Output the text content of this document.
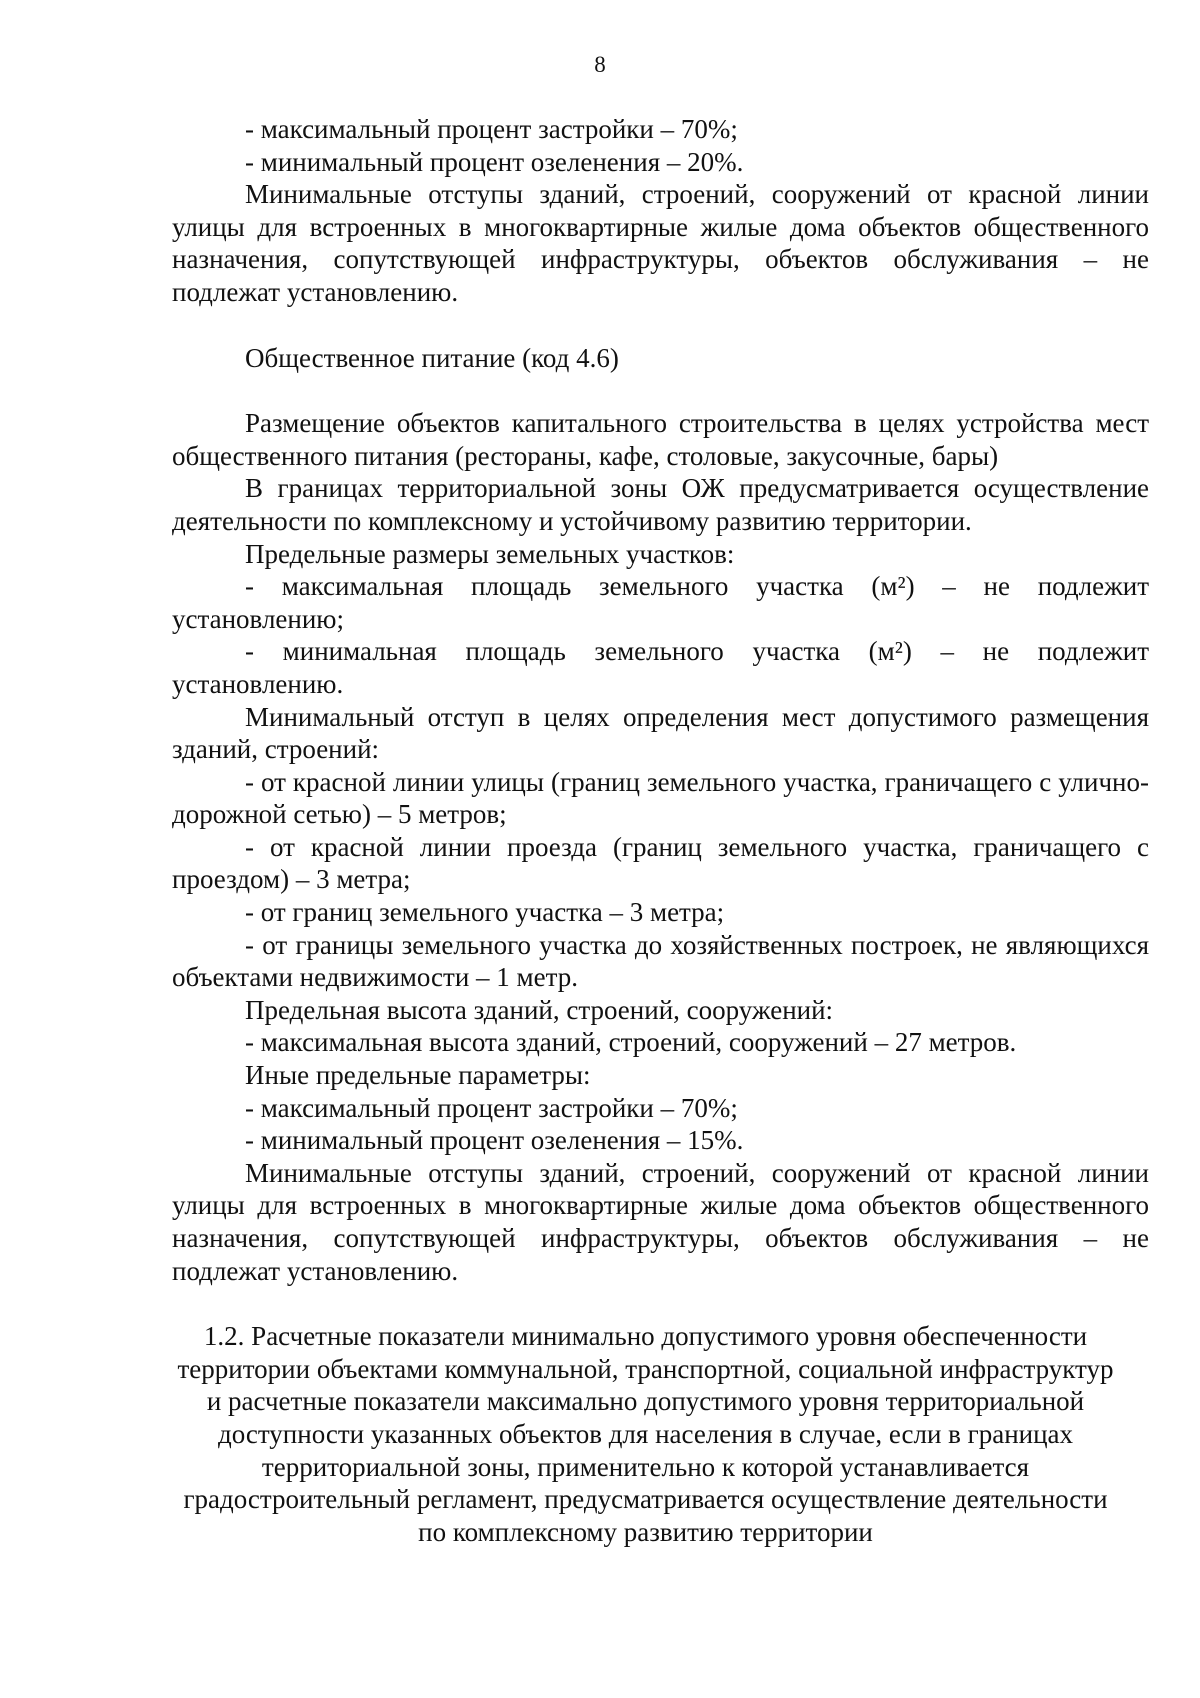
8

- максимальный процент застройки – 70%;

- минимальный процент озеленения – 20%.

Минимальные отступы зданий, строений, сооружений от красной линии улицы для встроенных в многоквартирные жилые дома объектов общественного назначения, сопутствующей инфраструктуры, объектов обслуживания – не подлежат установлению.

Общественное питание (код 4.6)

Размещение объектов капитального строительства в целях устройства мест общественного питания (рестораны, кафе, столовые, закусочные, бары)

В границах территориальной зоны ОЖ предусматривается осуществление деятельности по комплексному и устойчивому развитию территории.

Предельные размеры земельных участков:

- максимальная площадь земельного участка (м²) – не подлежит установлению;

- минимальная площадь земельного участка (м²) – не подлежит установлению.

Минимальный отступ в целях определения мест допустимого размещения зданий, строений:

- от красной линии улицы (границ земельного участка, граничащего с улично-дорожной сетью) – 5 метров;

- от красной линии проезда (границ земельного участка, граничащего с проездом) – 3 метра;

- от границ земельного участка – 3 метра;

- от границы земельного участка до хозяйственных построек, не являющихся объектами недвижимости – 1 метр.

Предельная высота зданий, строений, сооружений:

- максимальная высота зданий, строений, сооружений – 27 метров.

Иные предельные параметры:

- максимальный процент застройки – 70%;

- минимальный процент озеленения – 15%.

Минимальные отступы зданий, строений, сооружений от красной линии улицы для встроенных в многоквартирные жилые дома объектов общественного назначения, сопутствующей инфраструктуры, объектов обслуживания – не подлежат установлению.

1.2. Расчетные показатели минимально допустимого уровня обеспеченности территории объектами коммунальной, транспортной, социальной инфраструктур и расчетные показатели максимально допустимого уровня территориальной доступности указанных объектов для населения в случае, если в границах территориальной зоны, применительно к которой устанавливается градостроительный регламент, предусматривается осуществление деятельности по комплексному развитию территории
